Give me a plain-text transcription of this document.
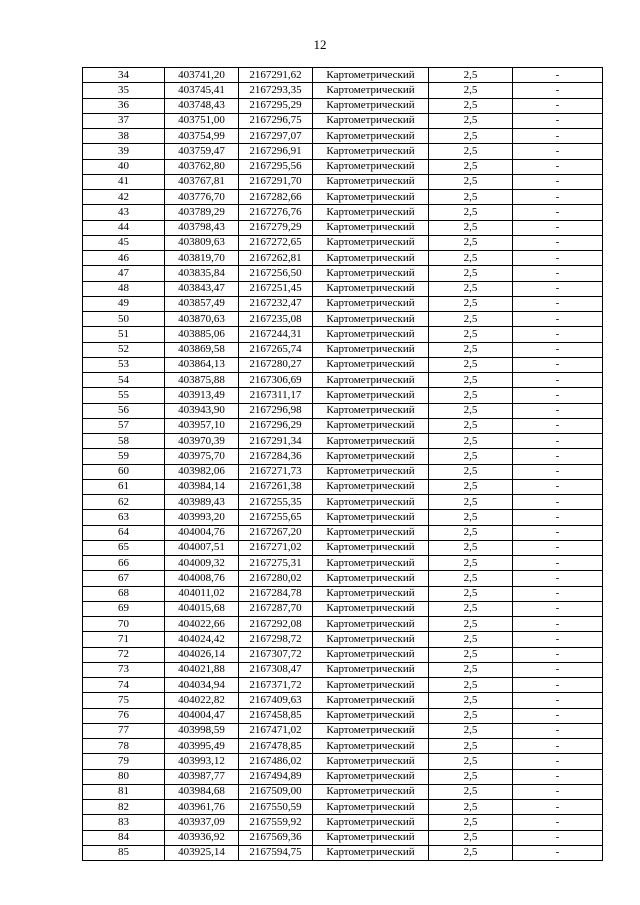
12
34	403741,20	2167291,62	Картометрический	2,5	-
35	403745,41	2167293,35	Картометрический	2,5	-
36	403748,43	2167295,29	Картометрический	2,5	-
37	403751,00	2167296,75	Картометрический	2,5	-
38	403754,99	2167297,07	Картометрический	2,5	-
39	403759,47	2167296,91	Картометрический	2,5	-
40	403762,80	2167295,56	Картометрический	2,5	-
41	403767,81	2167291,70	Картометрический	2,5	-
42	403776,70	2167282,66	Картометрический	2,5	-
43	403789,29	2167276,76	Картометрический	2,5	-
44	403798,43	2167279,29	Картометрический	2,5	-
45	403809,63	2167272,65	Картометрический	2,5	-
46	403819,70	2167262,81	Картометрический	2,5	-
47	403835,84	2167256,50	Картометрический	2,5	-
48	403843,47	2167251,45	Картометрический	2,5	-
49	403857,49	2167232,47	Картометрический	2,5	-
50	403870,63	2167235,08	Картометрический	2,5	-
51	403885,06	2167244,31	Картометрический	2,5	-
52	403869,58	2167265,74	Картометрический	2,5	-
53	403864,13	2167280,27	Картометрический	2,5	-
54	403875,88	2167306,69	Картометрический	2,5	-
55	403913,49	2167311,17	Картометрический	2,5	-
56	403943,90	2167296,98	Картометрический	2,5	-
57	403957,10	2167296,29	Картометрический	2,5	-
58	403970,39	2167291,34	Картометрический	2,5	-
59	403975,70	2167284,36	Картометрический	2,5	-
60	403982,06	2167271,73	Картометрический	2,5	-
61	403984,14	2167261,38	Картометрический	2,5	-
62	403989,43	2167255,35	Картометрический	2,5	-
63	403993,20	2167255,65	Картометрический	2,5	-
64	404004,76	2167267,20	Картометрический	2,5	-
65	404007,51	2167271,02	Картометрический	2,5	-
66	404009,32	2167275,31	Картометрический	2,5	-
67	404008,76	2167280,02	Картометрический	2,5	-
68	404011,02	2167284,78	Картометрический	2,5	-
69	404015,68	2167287,70	Картометрический	2,5	-
70	404022,66	2167292,08	Картометрический	2,5	-
71	404024,42	2167298,72	Картометрический	2,5	-
72	404026,14	2167307,72	Картометрический	2,5	-
73	404021,88	2167308,47	Картометрический	2,5	-
74	404034,94	2167371,72	Картометрический	2,5	-
75	404022,82	2167409,63	Картометрический	2,5	-
76	404004,47	2167458,85	Картометрический	2,5	-
77	403998,59	2167471,02	Картометрический	2,5	-
78	403995,49	2167478,85	Картометрический	2,5	-
79	403993,12	2167486,02	Картометрический	2,5	-
80	403987,77	2167494,89	Картометрический	2,5	-
81	403984,68	2167509,00	Картометрический	2,5	-
82	403961,76	2167550,59	Картометрический	2,5	-
83	403937,09	2167559,92	Картометрический	2,5	-
84	403936,92	2167569,36	Картометрический	2,5	-
85	403925,14	2167594,75	Картометрический	2,5	-
